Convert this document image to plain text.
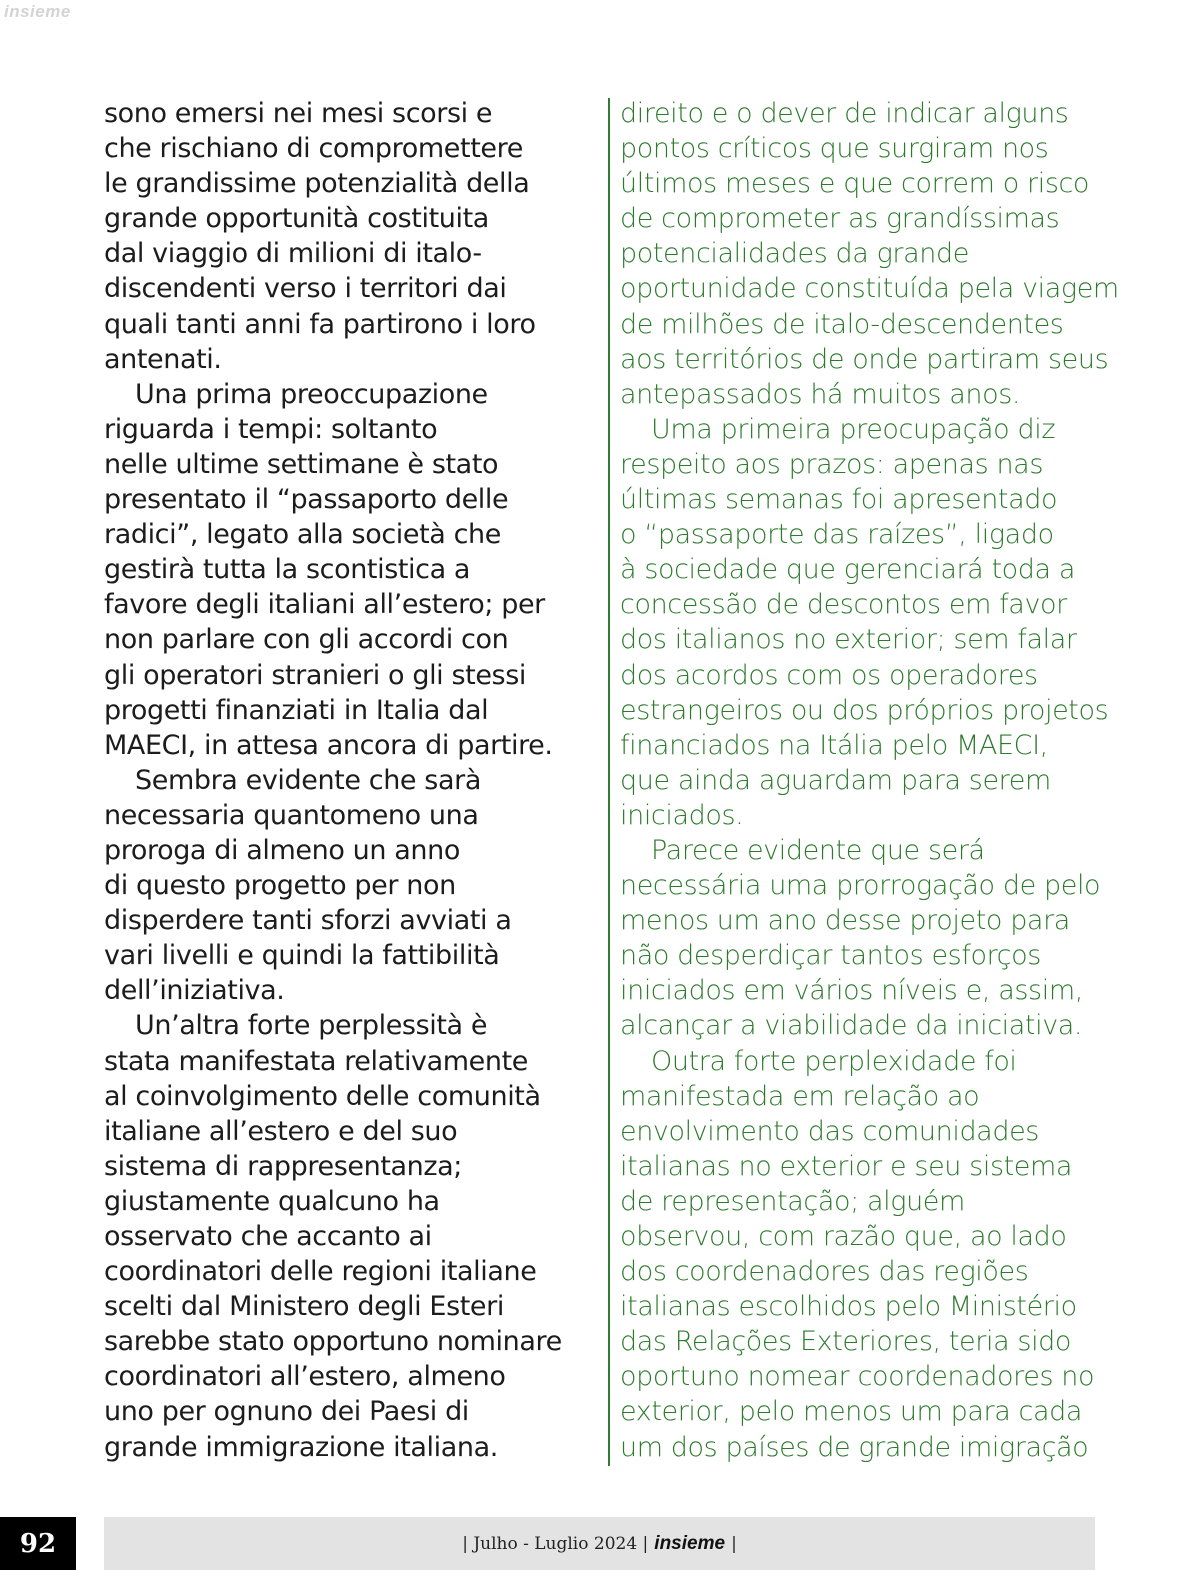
insieme

sono emersi nei mesi scorsi e

che rischiano di compromettere

le grandissime potenzialità della

grande opportunità costituita

dal viaggio di milioni di italo-

discendenti verso i territori dai

quali tanti anni fa partirono i loro

antenati.

Una prima preoccupazione

riguarda i tempi: soltanto

nelle ultime settimane è stato

presentato il “passaporto delle

radici”, legato alla società che

gestirà tutta la scontistica a

favore degli italiani all’estero; per

non parlare con gli accordi con

gli operatori stranieri o gli stessi

progetti finanziati in Italia dal

MAECI, in attesa ancora di partire.

Sembra evidente che sarà

necessaria quantomeno una

proroga di almeno un anno

di questo progetto per non

disperdere tanti sforzi avviati a

vari livelli e quindi la fattibilità

dell’iniziativa.

Un’altra forte perplessità è

stata manifestata relativamente

al coinvolgimento delle comunità

italiane all’estero e del suo

sistema di rappresentanza;

giustamente qualcuno ha

osservato che accanto ai

coordinatori delle regioni italiane

scelti dal Ministero degli Esteri

sarebbe stato opportuno nominare

coordinatori all’estero, almeno

uno per ognuno dei Paesi di

grande immigrazione italiana.

direito e o dever de indicar alguns

pontos críticos que surgiram nos

últimos meses e que correm o risco

de comprometer as grandíssimas

potencialidades da grande

oportunidade constituída pela viagem

de milhões de italo-descendentes

aos territórios de onde partiram seus

antepassados há muitos anos.

Uma primeira preocupação diz

respeito aos prazos: apenas nas

últimas semanas foi apresentado

o “passaporte das raízes”, ligado

à sociedade que gerenciará toda a

concessão de descontos em favor

dos italianos no exterior; sem falar

dos acordos com os operadores

estrangeiros ou dos próprios projetos

financiados na Itália pelo MAECI,

que ainda aguardam para serem

iniciados.

Parece evidente que será

necessária uma prorrogação de pelo

menos um ano desse projeto para

não desperdiçar tantos esforços

iniciados em vários níveis e, assim,

alcançar a viabilidade da iniciativa.

Outra forte perplexidade foi

manifestada em relação ao

envolvimento das comunidades

italianas no exterior e seu sistema

de representação; alguém

observou, com razão que, ao lado

dos coordenadores das regiões

italianas escolhidos pelo Ministério

das Relações Exteriores, teria sido

oportuno nomear coordenadores no

exterior, pelo menos um para cada

um dos países de grande imigração

92	| Julho - Luglio 2024 | insieme |
